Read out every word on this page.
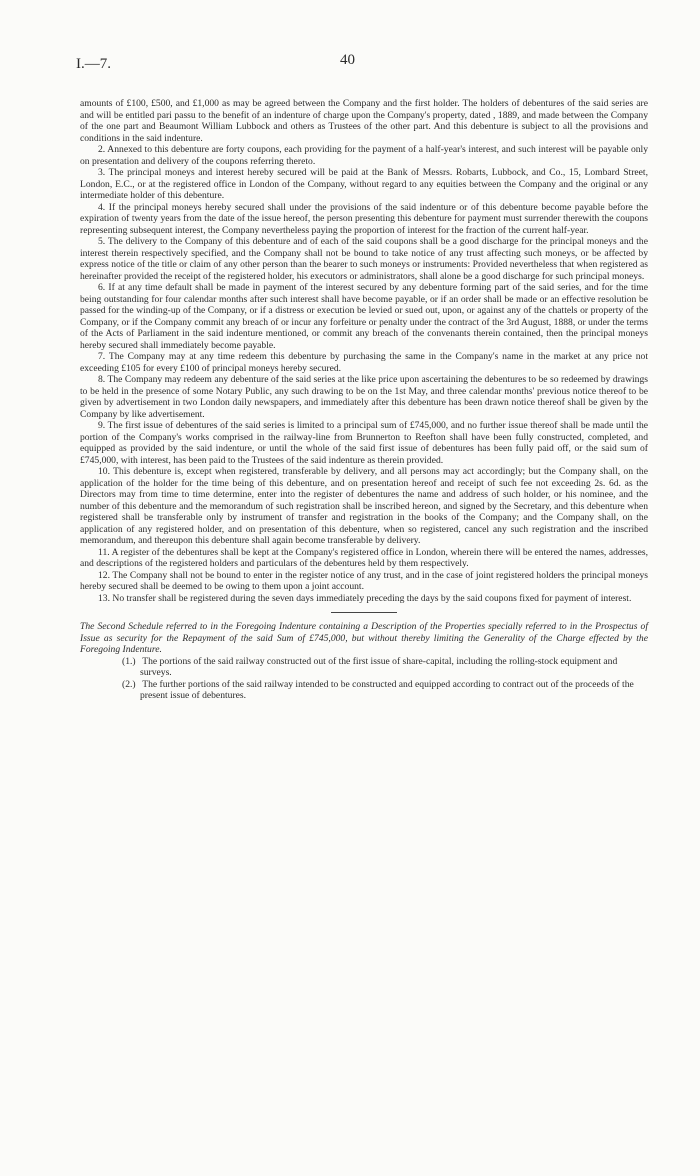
I.—7.	40

amounts of £100, £500, and £1,000 as may be agreed between the Company and the first holder. The holders of debentures of the said series are and will be entitled pari passu to the benefit of an indenture of charge upon the Company's property, dated , 1889, and made between the Company of the one part and Beaumont William Lubbock and others as Trustees of the other part. And this debenture is subject to all the provisions and conditions in the said indenture.

2. Annexed to this debenture are forty coupons, each providing for the payment of a half-year's interest, and such interest will be payable only on presentation and delivery of the coupons referring thereto.

3. The principal moneys and interest hereby secured will be paid at the Bank of Messrs. Robarts, Lubbock, and Co., 15, Lombard Street, London, E.C., or at the registered office in London of the Company, without regard to any equities between the Company and the original or any intermediate holder of this debenture.

4. If the principal moneys hereby secured shall under the provisions of the said indenture or of this debenture become payable before the expiration of twenty years from the date of the issue hereof, the person presenting this debenture for payment must surrender therewith the coupons representing subsequent interest, the Company nevertheless paying the proportion of interest for the fraction of the current half-year.

5. The delivery to the Company of this debenture and of each of the said coupons shall be a good discharge for the principal moneys and the interest therein respectively specified, and the Company shall not be bound to take notice of any trust affecting such moneys, or be affected by express notice of the title or claim of any other person than the bearer to such moneys or instruments: Provided nevertheless that when registered as hereinafter provided the receipt of the registered holder, his executors or administrators, shall alone be a good discharge for such principal moneys.

6. If at any time default shall be made in payment of the interest secured by any debenture forming part of the said series, and for the time being outstanding for four calendar months after such interest shall have become payable, or if an order shall be made or an effective resolution be passed for the winding-up of the Company, or if a distress or execution be levied or sued out, upon, or against any of the chattels or property of the Company, or if the Company commit any breach of or incur any forfeiture or penalty under the contract of the 3rd August, 1888, or under the terms of the Acts of Parliament in the said indenture mentioned, or commit any breach of the convenants therein contained, then the principal moneys hereby secured shall immediately become payable.

7. The Company may at any time redeem this debenture by purchasing the same in the Company's name in the market at any price not exceeding £105 for every £100 of principal moneys hereby secured.

8. The Company may redeem any debenture of the said series at the like price upon ascertaining the debentures to be so redeemed by drawings to be held in the presence of some Notary Public, any such drawing to be on the 1st May, and three calendar months' previous notice thereof to be given by advertisement in two London daily newspapers, and immediately after this debenture has been drawn notice thereof shall be given by the Company by like advertisement.

9. The first issue of debentures of the said series is limited to a principal sum of £745,000, and no further issue thereof shall be made until the portion of the Company's works comprised in the railway-line from Brunnerton to Reefton shall have been fully constructed, completed, and equipped as provided by the said indenture, or until the whole of the said first issue of debentures has been fully paid off, or the said sum of £745,000, with interest, has been paid to the Trustees of the said indenture as therein provided.

10. This debenture is, except when registered, transferable by delivery, and all persons may act accordingly; but the Company shall, on the application of the holder for the time being of this debenture, and on presentation hereof and receipt of such fee not exceeding 2s. 6d. as the Directors may from time to time determine, enter into the register of debentures the name and address of such holder, or his nominee, and the number of this debenture and the memorandum of such registration shall be inscribed hereon, and signed by the Secretary, and this debenture when registered shall be transferable only by instrument of transfer and registration in the books of the Company; and the Company shall, on the application of any registered holder, and on presentation of this debenture, when so registered, cancel any such registration and the inscribed memorandum, and thereupon this debenture shall again become transferable by delivery.

11. A register of the debentures shall be kept at the Company's registered office in London, wherein there will be entered the names, addresses, and descriptions of the registered holders and particulars of the debentures held by them respectively.

12. The Company shall not be bound to enter in the register notice of any trust, and in the case of joint registered holders the principal moneys hereby secured shall be deemed to be owing to them upon a joint account.

13. No transfer shall be registered during the seven days immediately preceding the days by the said coupons fixed for payment of interest.

The Second Schedule referred to in the Foregoing Indenture containing a Description of the Properties specially referred to in the Prospectus of Issue as security for the Repayment of the said Sum of £745,000, but without thereby limiting the Generality of the Charge effected by the Foregoing Indenture.

(1.) The portions of the said railway constructed out of the first issue of share-capital, including the rolling-stock equipment and surveys.

(2.) The further portions of the said railway intended to be constructed and equipped according to contract out of the proceeds of the present issue of debentures.
